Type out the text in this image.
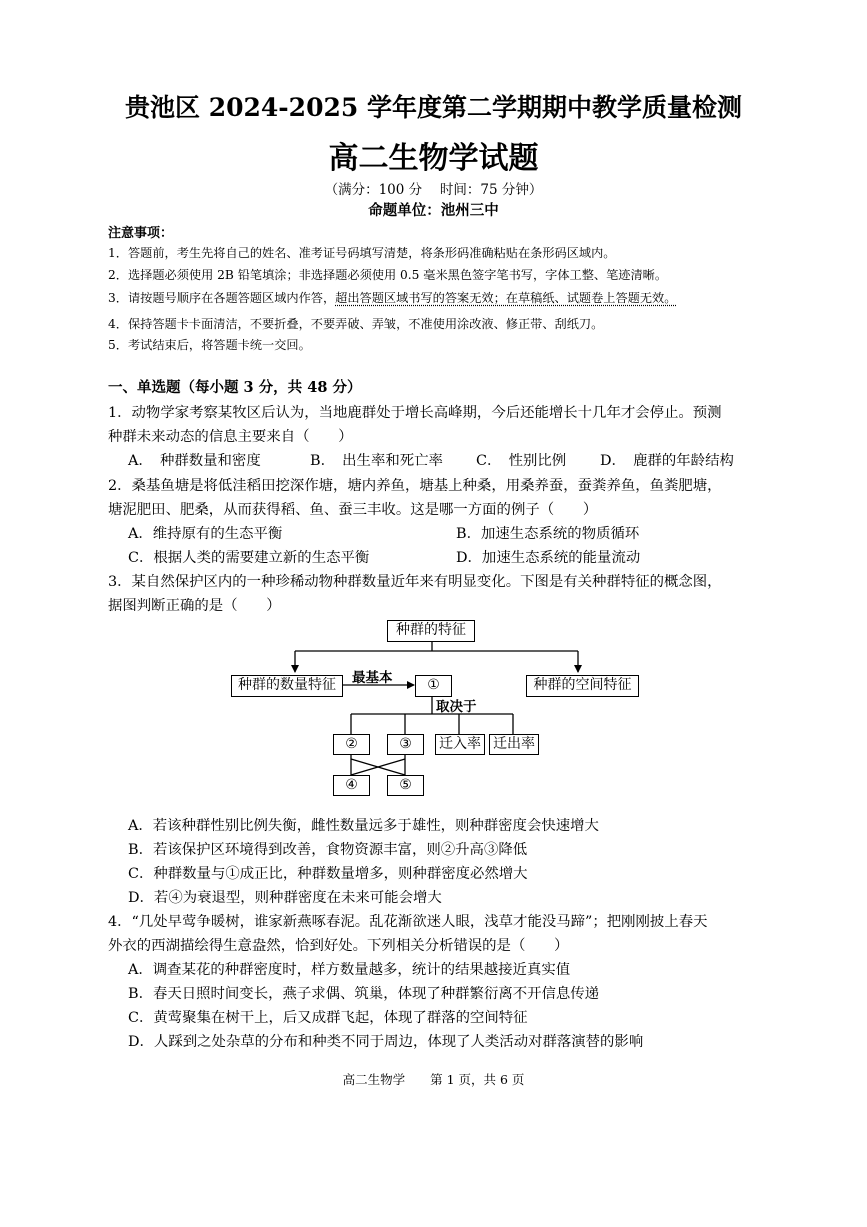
贵池区 2024-2025 学年度第二学期期中教学质量检测
高二生物学试题
（满分：100 分　 时间：75 分钟）
命题单位：池州三中
注意事项：
1．答题前，考生先将自己的姓名、准考证号码填写清楚，将条形码准确粘贴在条形码区域内。
2．选择题必须使用 2B 铅笔填涂；非选择题必须使用 0.5 毫米黑色签字笔书写，字体工整、笔迹清晰。
3．请按题号顺序在各题答题区域内作答，超出答题区域书写的答案无效；在草稿纸、试题卷上答题无效。
4．保持答题卡卡面清洁，不要折叠，不要弄破、弄皱，不准使用涂改液、修正带、刮纸刀。
5．考试结束后，将答题卡统一交回。
一、单选题（每小题 3 分，共 48 分）
1．动物学家考察某牧区后认为，当地鹿群处于增长高峰期，今后还能增长十几年才会停止。预测
种群未来动态的信息主要来自（　　）
A．　种群数量和密度	B．　出生率和死亡率 C．　性别比例 D．　鹿群的年龄结构
2．桑基鱼塘是将低洼稻田挖深作塘，塘内养鱼，塘基上种桑，用桑养蚕，蚕粪养鱼，鱼粪肥塘，
塘泥肥田、肥桑，从而获得稻、鱼、蚕三丰收。这是哪一方面的例子（　　）
A．维持原有的生态平衡	B．加速生态系统的物质循环
C．根据人类的需要建立新的生态平衡	D．加速生态系统的能量流动
3．某自然保护区内的一种珍稀动物种群数量近年来有明显变化。下图是有关种群特征的概念图，
据图判断正确的是（　　）
种群的特征
种群的数量特征	种群的空间特征
最基本	①
取决于
②	③	迁入率 迁出率
④	⑤
A．若该种群性别比例失衡，雌性数量远多于雄性，则种群密度会快速增大
B．若该保护区环境得到改善，食物资源丰富，则②升高③降低
C．种群数量与①成正比，种群数量增多，则种群密度必然增大
D．若④为衰退型，则种群密度在未来可能会增大
4．“几处早莺争暖树，谁家新燕啄春泥。乱花渐欲迷人眼，浅草才能没马蹄”；把刚刚披上春天
外衣的西湖描绘得生意盎然，恰到好处。下列相关分析错误的是（　　）
A．调查某花的种群密度时，样方数量越多，统计的结果越接近真实值
B．春天日照时间变长，燕子求偶、筑巢，体现了种群繁衍离不开信息传递
C．黄莺聚集在树干上，后又成群飞起，体现了群落的空间特征
D．人踩到之处杂草的分布和种类不同于周边，体现了人类活动对群落演替的影响
高二生物学　　第 1 页，共 6 页
